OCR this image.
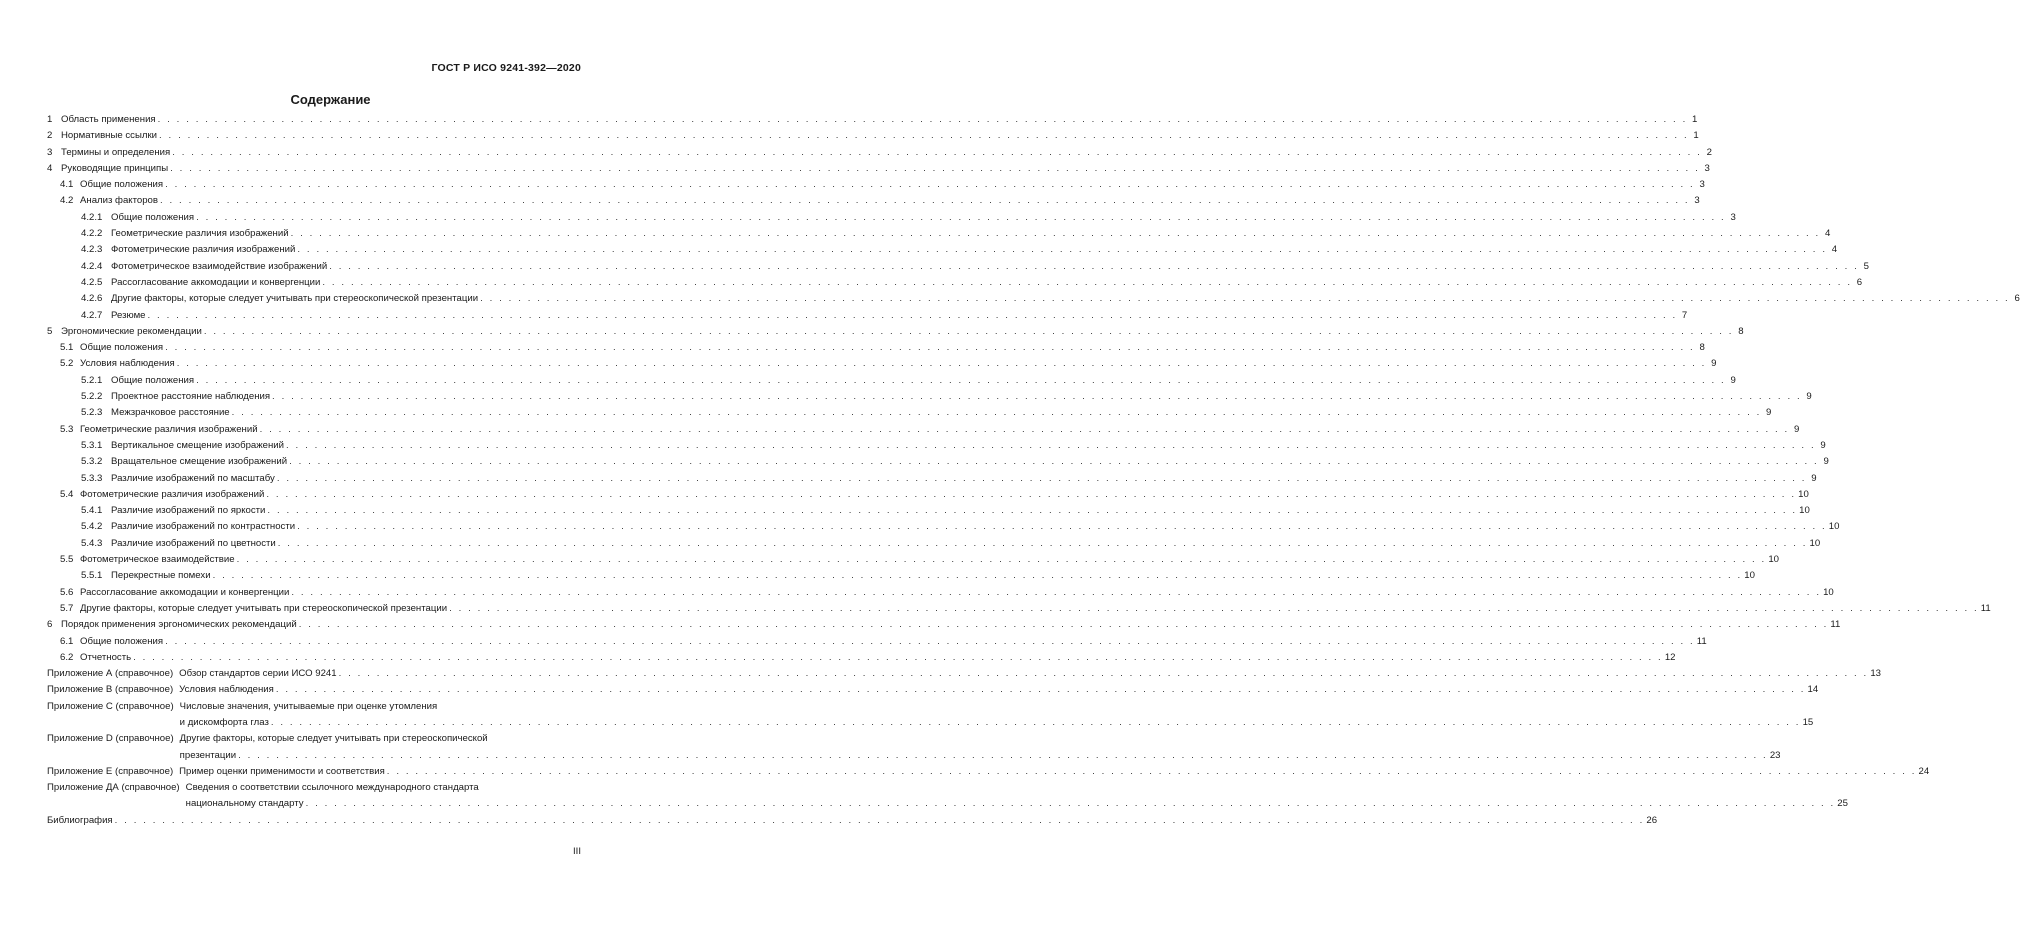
ГОСТ Р ИСО 9241-392—2020
Содержание
1 Область применения . . .	1
2 Нормативные ссылки . . .	1
3 Термины и определения . . .	2
4 Руководящие принципы . . .	3
4.1 Общие положения . . .	3
4.2 Анализ факторов . . .	3
4.2.1 Общие положения . . .	3
4.2.2 Геометрические различия изображений . . .	4
4.2.3 Фотометрические различия изображений . . .	4
4.2.4 Фотометрическое взаимодействие изображений . . .	5
4.2.5 Рассогласование аккомодации и конвергенции . . .	6
4.2.6 Другие факторы, которые следует учитывать при стереоскопической презентации . . .	6
4.2.7 Резюме . . .	7
5 Эргономические рекомендации . . .	8
5.1 Общие положения . . .	8
5.2 Условия наблюдения . . .	9
5.2.1 Общие положения . . .	9
5.2.2 Проектное расстояние наблюдения . . .	9
5.2.3 Межзрачковое расстояние . . .	9
5.3 Геометрические различия изображений . . .	9
5.3.1 Вертикальное смещение изображений . . .	9
5.3.2 Вращательное смещение изображений . . .	9
5.3.3 Различие изображений по масштабу . . .	9
5.4 Фотометрические различия изображений . . .	10
5.4.1 Различие изображений по яркости . . .	10
5.4.2 Различие изображений по контрастности . . .	10
5.4.3 Различие изображений по цветности . . .	10
5.5 Фотометрическое взаимодействие . . .	10
5.5.1 Перекрестные помехи . . .	10
5.6 Рассогласование аккомодации и конвергенции . . .	10
5.7 Другие факторы, которые следует учитывать при стереоскопической презентации . . .	11
6 Порядок применения эргономических рекомендаций . . .	11
6.1 Общие положения . . .	11
6.2 Отчетность . . .	12
Приложение А (справочное) Обзор стандартов серии ИСО 9241 . . .	13
Приложение В (справочное) Условия наблюдения . . .	14
Приложение С (справочное) Числовые значения, учитываемые при оценке утомления
и дискомфорта глаз . . .	15
Приложение D (справочное) Другие факторы, которые следует учитывать при стереоскопической
презентации . . .	23
Приложение Е (справочное) Пример оценки применимости и соответствия . . .	24
Приложение ДА (справочное) Сведения о соответствии ссылочного международного стандарта
национальному стандарту . . .	25
Библиография . . .	26
III
